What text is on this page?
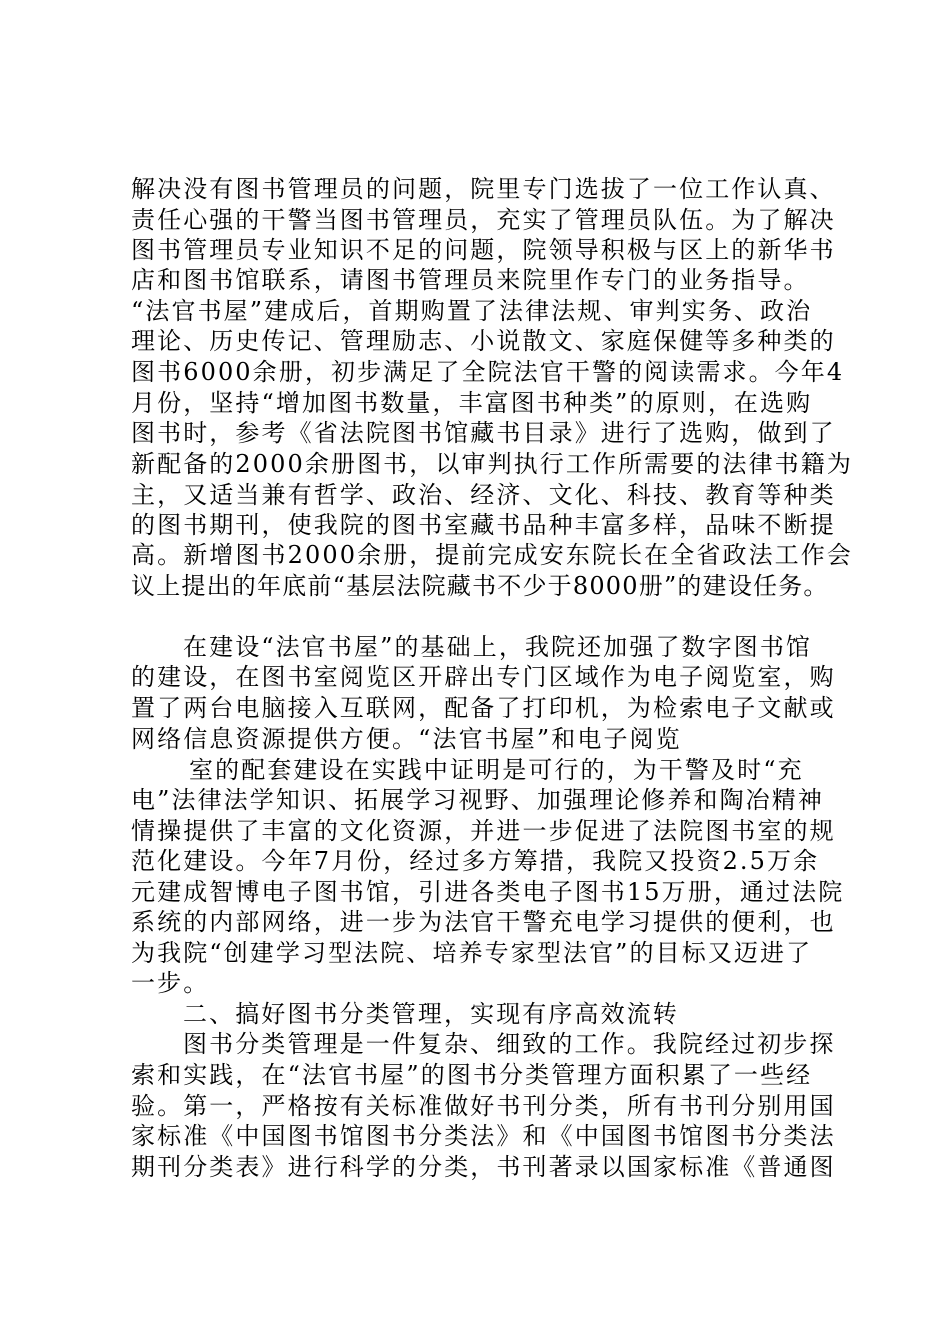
解决没有图书管理员的问题，院里专门选拔了一位工作认真、
责任心强的干警当图书管理员，充实了管理员队伍。为了解决
图书管理员专业知识不足的问题，院领导积极与区上的新华书
店和图书馆联系，请图书管理员来院里作专门的业务指导。
“法官书屋”建成后，首期购置了法律法规、审判实务、政治
理论、历史传记、管理励志、小说散文、家庭保健等多种类的
图书6000余册，初步满足了全院法官干警的阅读需求。今年4
月份，坚持“增加图书数量，丰富图书种类”的原则，在选购
图书时，参考《省法院图书馆藏书目录》进行了选购，做到了
新配备的2000余册图书，以审判执行工作所需要的法律书籍为
主，又适当兼有哲学、政治、经济、文化、科技、教育等种类
的图书期刊，使我院的图书室藏书品种丰富多样，品味不断提
高。新增图书2000余册，提前完成安东院长在全省政法工作会
议上提出的年底前“基层法院藏书不少于8000册”的建设任务。
在建设“法官书屋”的基础上，我院还加强了数字图书馆
的建设，在图书室阅览区开辟出专门区域作为电子阅览室，购
置了两台电脑接入互联网，配备了打印机，为检索电子文献或
网络信息资源提供方便。“法官书屋”和电子阅览
室的配套建设在实践中证明是可行的，为干警及时“充
电”法律法学知识、拓展学习视野、加强理论修养和陶冶精神
情操提供了丰富的文化资源，并进一步促进了法院图书室的规
范化建设。今年7月份，经过多方筹措，我院又投资2.5万余
元建成智博电子图书馆，引进各类电子图书15万册，通过法院
系统的内部网络，进一步为法官干警充电学习提供的便利，也
为我院“创建学习型法院、培养专家型法官”的目标又迈进了
一步。
二、搞好图书分类管理，实现有序高效流转
图书分类管理是一件复杂、细致的工作。我院经过初步探
索和实践，在“法官书屋”的图书分类管理方面积累了一些经
验。第一，严格按有关标准做好书刊分类，所有书刊分别用国
家标准《中国图书馆图书分类法》和《中国图书馆图书分类法
期刊分类表》进行科学的分类，书刊著录以国家标准《普通图
